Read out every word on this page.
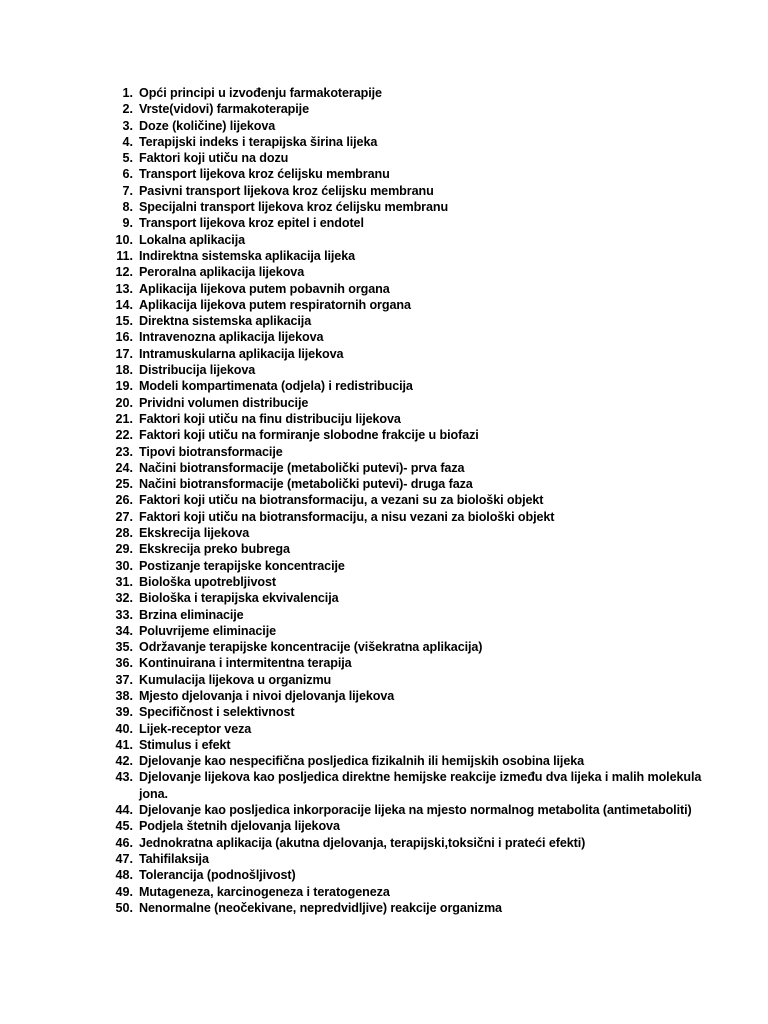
1. Opći principi u izvođenju farmakoterapije
2. Vrste(vidovi) farmakoterapije
3. Doze (količine) lijekova
4. Terapijski indeks i terapijska širina lijeka
5. Faktori koji utiču na dozu
6. Transport lijekova kroz ćelijsku membranu
7. Pasivni transport lijekova kroz ćelijsku membranu
8. Specijalni transport lijekova kroz ćelijsku membranu
9. Transport lijekova kroz epitel i endotel
10. Lokalna aplikacija
11. Indirektna sistemska aplikacija lijeka
12. Peroralna aplikacija lijekova
13. Aplikacija lijekova putem pobavnih organa
14. Aplikacija lijekova putem respiratornih organa
15. Direktna sistemska aplikacija
16. Intravenozna aplikacija lijekova
17. Intramuskularna aplikacija lijekova
18. Distribucija lijekova
19. Modeli kompartimenata (odjela) i redistribucija
20. Prividni volumen distribucije
21. Faktori koji utiču na finu distribuciju lijekova
22. Faktori koji utiču na formiranje slobodne frakcije u biofazi
23. Tipovi biotransformacije
24. Načini biotransformacije (metabolički putevi)- prva faza
25. Načini biotransformacije (metabolički putevi)- druga faza
26. Faktori koji utiču na biotransformaciju, a vezani su za biološki objekt
27. Faktori koji utiču na biotransformaciju, a nisu vezani za biološki objekt
28. Ekskrecija lijekova
29. Ekskrecija preko bubrega
30. Postizanje terapijske koncentracije
31. Biološka upotrebljivost
32. Biološka i terapijska ekvivalencija
33. Brzina eliminacije
34. Poluvrijeme eliminacije
35. Održavanje terapijske koncentracije (višekratna aplikacija)
36. Kontinuirana i intermitentna terapija
37. Kumulacija lijekova u organizmu
38. Mjesto djelovanja i nivoi djelovanja lijekova
39. Specifičnost i selektivnost
40. Lijek-receptor veza
41. Stimulus i efekt
42. Djelovanje kao nespecifična posljedica fizikalnih ili hemijskih osobina lijeka
43. Djelovanje lijekova kao posljedica direktne hemijske reakcije između dva lijeka i malih molekula jona.
44. Djelovanje kao posljedica inkorporacije lijeka na mjesto normalnog metabolita (antimetaboliti)
45. Podjela štetnih djelovanja lijekova
46. Jednokratna aplikacija (akutna djelovanja, terapijski,toksični i prateći efekti)
47. Tahifilaksija
48. Tolerancija (podnošljivost)
49. Mutageneza, karcinogeneza i teratogeneza
50. Nenormalne (neočekivane, nepredvidljive) reakcije organizma
